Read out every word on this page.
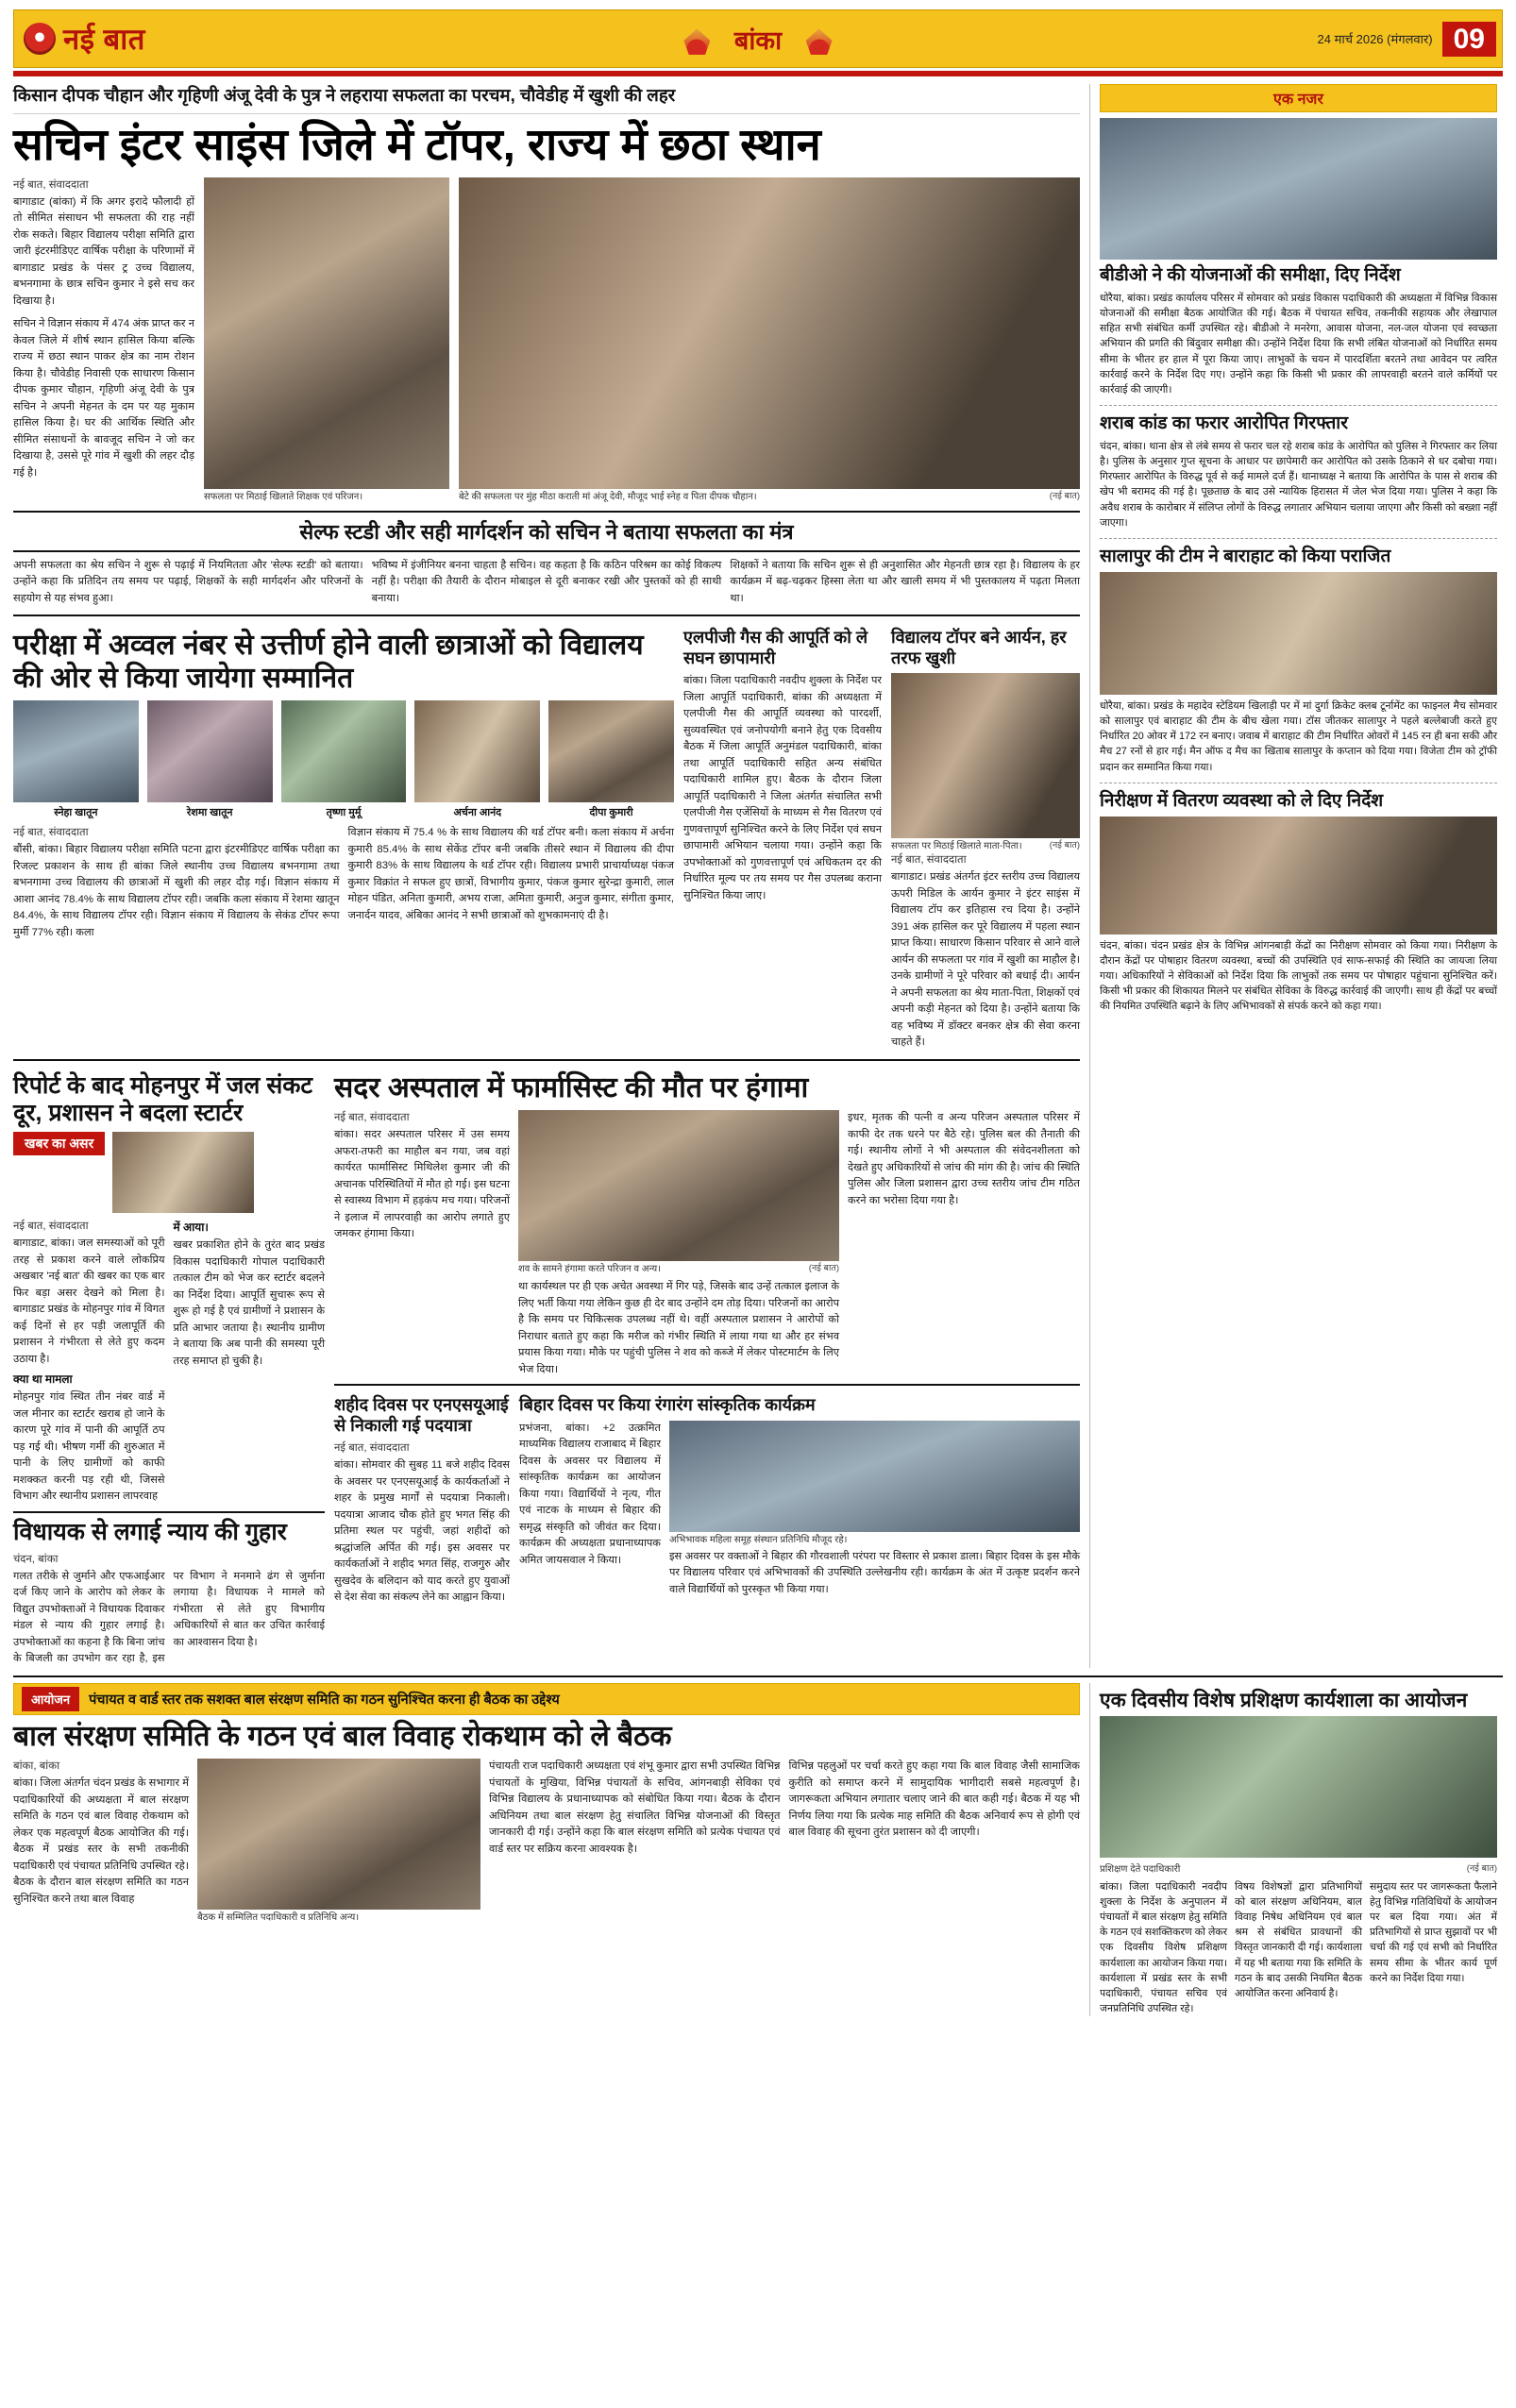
नई बात	बांका	24 मार्च 2026 (मंगलवार) 09
किसान दीपक चौहान और गृहिणी अंजू देवी के पुत्र ने लहराया सफलता का परचम, चौवेडीह में खुशी की लहर
सचिन इंटर साइंस जिले में टॉपर, राज्य में छठा स्थान
नई बात, संवाददाता

बागाडाट (बांका) में कि अगर इरादे फौलादी हों तो सीमित संसाधन भी सफलता की राह नहीं रोक सकते। बिहार विद्यालय परीक्षा समिति द्वारा जारी इंटरमीडिएट वार्षिक परीक्षा के परिणामों में बागाडाट प्रखंड के पंसर ट्र उच्च विद्यालय, बभनगामा के छात्र सचिन कुमार ने इसे सच कर दिखाया है।

सचिन ने विज्ञान संकाय में 474 अंक प्राप्त कर न केवल जिले में शीर्ष स्थान हासिल किया बल्कि राज्य में छठा स्थान पाकर क्षेत्र का नाम रोशन किया है। चौवेडीह निवासी एक साधारण किसान दीपक कुमार चौहान, गृहिणी अंजू देवी के पुत्र सचिन ने अपनी मेहनत के दम पर यह मुकाम हासिल किया है। घर की आर्थिक स्थिति और सीमित संसाधनों के बावजूद सचिन ने जो कर दिखाया है, उससे पूरे गांव में खुशी की लहर दौड़ गई है।

सफलता पर मिठाई खिलाते शिक्षक एवं परिजन।	बेटे की सफलता पर मुंह मीठा कराती मां अंजू देवी, मौजूद भाई स्नेह व पिता दीपक चौहान।	(नई बात)
सेल्फ स्टडी और सही मार्गदर्शन को सचिन ने बताया सफलता का मंत्र
अपनी सफलता का श्रेय सचिन ने शुरू से पढ़ाई में नियमितता और 'सेल्फ स्टडी' को बताया। उन्होंने कहा कि प्रतिदिन तय समय पर पढ़ाई, शिक्षकों के सही मार्गदर्शन और परिजनों के सहयोग से यह संभव हुआ।
भविष्य में इंजीनियर बनना चाहता है सचिन। वह कहता है कि कठिन परिश्रम का कोई विकल्प नहीं है। परीक्षा की तैयारी के दौरान मोबाइल से दूरी बनाकर रखी और पुस्तकों को ही साथी बनाया।
शिक्षकों ने बताया कि सचिन शुरू से ही अनुशासित और मेहनती छात्र रहा है। विद्यालय के हर कार्यक्रम में बढ़-चढ़कर हिस्सा लेता था और खाली समय में भी पुस्तकालय में पढ़ता मिलता था।
परीक्षा में अव्वल नंबर से उत्तीर्ण होने वाली छात्राओं को विद्यालय की ओर से किया जायेगा सम्मानित
स्नेहा खातून	रेशमा खातून	तृष्णा मुर्मू	अर्चना आनंद	दीपा कुमारी
नई बात, संवाददाता
बौंसी, बांका। बिहार विद्यालय परीक्षा समिति पटना द्वारा इंटरमीडिएट वार्षिक परीक्षा का रिजल्ट प्रकाशन के साथ ही बांका जिले स्थानीय उच्च विद्यालय बभनगामा तथा बभनगामा उच्च विद्यालय की छात्राओं में खुशी की लहर दौड़ गई। विज्ञान संकाय में आशा आनंद 78.4% के साथ विद्यालय टॉपर रही। जबकि कला संकाय में रेशमा खातून 84.4%, के साथ विद्यालय टॉपर रही। विज्ञान संकाय में विद्यालय के सेकंड टॉपर रूपा मुर्मी 77% रही। कला
विज्ञान संकाय में 75.4 % के साथ विद्यालय की थर्ड टॉपर बनी। कला संकाय में अर्चना कुमारी 85.4% के साथ सेकेंड टॉपर बनी जबकि तीसरे स्थान में विद्यालय की दीपा कुमारी 83% के साथ विद्यालय के थर्ड टॉपर रही। विद्यालय प्रभारी प्राचार्याध्यक्ष पंकज कुमार विक्रांत ने सफल हुए छात्रों, विभागीय कुमार, पंकज कुमार सुरेन्द्रा कुमारी, लाल मोहन पंडित, अनिता कुमारी, अभय राजा, अमिता कुमारी, अनुज कुमार, संगीता कुमार, जनार्दन यादव, अंबिका आनंद ने सभी छात्राओं को शुभकामनाएं दी है।
एलपीजी गैस की आपूर्ति को ले सघन छापामारी
बांका। जिला पदाधिकारी नवदीप शुक्ला के निर्देश पर जिला आपूर्ति पदाधिकारी, बांका की अध्यक्षता में एलपीजी गैस की आपूर्ति व्यवस्था को पारदर्शी, सुव्यवस्थित एवं जनोपयोगी बनाने हेतु एक दिवसीय बैठक में जिला आपूर्ति अनुमंडल पदाधिकारी, बांका तथा आपूर्ति पदाधिकारी सहित अन्य संबंधित पदाधिकारी शामिल हुए। बैठक के दौरान जिला आपूर्ति पदाधिकारी ने जिला अंतर्गत संचालित सभी एलपीजी गैस एजेंसियों के माध्यम से गैस वितरण एवं गुणवत्तापूर्ण सुनिश्चित करने के लिए निर्देश एवं सघन छापामारी अभियान चलाया गया। उन्होंने कहा कि उपभोक्ताओं को गुणवत्तापूर्ण एवं अधिकतम दर की निर्धारित मूल्य पर तय समय पर गैस उपलब्ध कराना सुनिश्चित किया जाए।
विद्यालय टॉपर बने आर्यन, हर तरफ खुशी
सफलता पर मिठाई खिलाते माता-पिता।	(नई बात)
नई बात, संवाददाता
बागाडाट। प्रखंड अंतर्गत इंटर स्तरीय उच्च विद्यालय ऊपरी मिडिल के आर्यन कुमार ने इंटर साइंस में विद्यालय टॉप कर इतिहास रच दिया है। उन्होंने 391 अंक हासिल कर पूरे विद्यालय में पहला स्थान प्राप्त किया। साधारण किसान परिवार से आने वाले आर्यन की सफलता पर गांव में खुशी का माहौल है। उनके ग्रामीणों ने पूरे परिवार को बधाई दी। आर्यन ने अपनी सफलता का श्रेय माता-पिता, शिक्षकों एवं अपनी कड़ी मेहनत को दिया है। उन्होंने बताया कि वह भविष्य में डॉक्टर बनकर क्षेत्र की सेवा करना चाहते हैं।
रिपोर्ट के बाद मोहनपुर में जल संकट दूर, प्रशासन ने बदला स्टार्टर
खबर का असर
नई बात, संवाददाता
बागाडाट, बांका। जल समस्याओं को पूरी तरह से प्रकाश करने वाले लोकप्रिय अखबार 'नई बात' की खबर का एक बार फिर बड़ा असर देखने को मिला है। बागाडाट प्रखंड के मोहनपुर गांव में विगत कई दिनों से हर पड़ी जलापूर्ति की प्रशासन ने गंभीरता से लेते हुए कदम उठाया है।
क्या था मामला
मोहनपुर गांव स्थित तीन नंबर वार्ड में जल मीनार का स्टार्टर खराब हो जाने के कारण पूरे गांव में पानी की आपूर्ति ठप पड़ गई थी। भीषण गर्मी की शुरुआत में पानी के लिए ग्रामीणों को काफी मशक्कत करनी पड़ रही थी, जिससे विभाग और स्थानीय प्रशासन लापरवाह
में आया।
खबर प्रकाशित होने के तुरंत बाद प्रखंड विकास पदाधिकारी गोपाल पदाधिकारी तत्काल टीम को भेज कर स्टार्टर बदलने का निर्देश दिया। आपूर्ति सुचारू रूप से शुरू हो गई है एवं ग्रामीणों ने प्रशासन के प्रति आभार जताया है। स्थानीय ग्रामीण ने बताया कि अब पानी की समस्या पूरी तरह समाप्त हो चुकी है।
विधायक से लगाई न्याय की गुहार
चंदन, बांका
गलत तरीके से जुर्माने और एफआईआर दर्ज किए जाने के आरोप को लेकर के विद्युत उपभोक्ताओं ने विधायक दिवाकर मंडल से न्याय की गुहार लगाई है। उपभोक्ताओं का कहना है कि बिना जांच के बिजली का उपभोग कर रहा है, इस पर विभाग ने मनमाने ढंग से जुर्माना लगाया है। विधायक ने मामले को गंभीरता से लेते हुए विभागीय अधिकारियों से बात कर उचित कार्रवाई का आश्वासन दिया है।
सदर अस्पताल में फार्मासिस्ट की मौत पर हंगामा
नई बात, संवाददाता
बांका। सदर अस्पताल परिसर में उस समय अफरा-तफरी का माहौल बन गया, जब वहां कार्यरत फार्मासिस्ट मिथिलेश कुमार जी की अचानक परिस्थितियों में मौत हो गई। इस घटना से स्वास्थ्य विभाग में हड़कंप मच गया। परिजनों ने इलाज में लापरवाही का आरोप लगाते हुए जमकर हंगामा किया।
शव के सामने हंगामा करते परिजन व अन्य।	(नई बात)
था कार्यस्थल पर ही एक अचेत अवस्था में गिर पड़े, जिसके बाद उन्हें तत्काल इलाज के लिए भर्ती किया गया लेकिन कुछ ही देर बाद उन्होंने दम तोड़ दिया। परिजनों का आरोप है कि समय पर चिकित्सक उपलब्ध नहीं थे। वहीं अस्पताल प्रशासन ने आरोपों को निराधार बताते हुए कहा कि मरीज को गंभीर स्थिति में लाया गया था और हर संभव प्रयास किया गया। मौके पर पहुंची पुलिस ने शव को कब्जे में लेकर पोस्टमार्टम के लिए भेज दिया।
इधर, मृतक की पत्नी व अन्य परिजन अस्पताल परिसर में काफी देर तक धरने पर बैठे रहे। पुलिस बल की तैनाती की गई। स्थानीय लोगों ने भी अस्पताल की संवेदनशीलता को देखते हुए अधिकारियों से जांच की मांग की है। जांच की स्थिति पुलिस और जिला प्रशासन द्वारा उच्च स्तरीय जांच टीम गठित करने का भरोसा दिया गया है।
शहीद दिवस पर एनएसयूआई से निकाली गई पदयात्रा
नई बात, संवाददाता
बांका। सोमवार की सुबह 11 बजे शहीद दिवस के अवसर पर एनएसयूआई के कार्यकर्ताओं ने शहर के प्रमुख मार्गों से पदयात्रा निकाली। पदयात्रा आजाद चौक होते हुए भगत सिंह की प्रतिमा स्थल पर पहुंची, जहां शहीदों को श्रद्धांजलि अर्पित की गई। इस अवसर पर कार्यकर्ताओं ने शहीद भगत सिंह, राजगुरु और सुखदेव के बलिदान को याद करते हुए युवाओं से देश सेवा का संकल्प लेने का आह्वान किया।
बिहार दिवस पर किया रंगारंग सांस्कृतिक कार्यक्रम
प्रभंजना, बांका। +2 उत्क्रमित माध्यमिक विद्यालय राजाबाद में बिहार दिवस के अवसर पर विद्यालय में सांस्कृतिक कार्यक्रम का आयोजन किया गया। विद्यार्थियों ने नृत्य, गीत एवं नाटक के माध्यम से बिहार की समृद्ध संस्कृति को जीवंत कर दिया। कार्यक्रम की अध्यक्षता प्रधानाध्यापक अमित जायसवाल ने किया।
अभिभावक महिला समूह संस्थान प्रतिनिधि मौजूद रहे।
इस अवसर पर वक्ताओं ने बिहार की गौरवशाली परंपरा पर विस्तार से प्रकाश डाला। बिहार दिवस के इस मौके पर विद्यालय परिवार एवं अभिभावकों की उपस्थिति उल्लेखनीय रही। कार्यक्रम के अंत में उत्कृष्ट प्रदर्शन करने वाले विद्यार्थियों को पुरस्कृत भी किया गया।
एक नजर
बीडीओ ने की योजनाओं की समीक्षा, दिए निर्देश
धोरैया, बांका। प्रखंड कार्यालय परिसर में सोमवार को प्रखंड विकास पदाधिकारी की अध्यक्षता में विभिन्न विकास योजनाओं की समीक्षा बैठक आयोजित की गई। बैठक में पंचायत सचिव, तकनीकी सहायक और लेखापाल सहित सभी संबंधित कर्मी उपस्थित रहे। बीडीओ ने मनरेगा, आवास योजना, नल-जल योजना एवं स्वच्छता अभियान की प्रगति की बिंदुवार समीक्षा की। उन्होंने निर्देश दिया कि सभी लंबित योजनाओं को निर्धारित समय सीमा के भीतर हर हाल में पूरा किया जाए। लाभुकों के चयन में पारदर्शिता बरतने तथा आवेदन पर त्वरित कार्रवाई करने के निर्देश दिए गए। उन्होंने कहा कि किसी भी प्रकार की लापरवाही बरतने वाले कर्मियों पर कार्रवाई की जाएगी।
शराब कांड का फरार आरोपित गिरफ्तार
चंदन, बांका। थाना क्षेत्र से लंबे समय से फरार चल रहे शराब कांड के आरोपित को पुलिस ने गिरफ्तार कर लिया है। पुलिस के अनुसार गुप्त सूचना के आधार पर छापेमारी कर आरोपित को उसके ठिकाने से धर दबोचा गया। गिरफ्तार आरोपित के विरुद्ध पूर्व से कई मामले दर्ज हैं। थानाध्यक्ष ने बताया कि आरोपित के पास से शराब की खेप भी बरामद की गई है। पूछताछ के बाद उसे न्यायिक हिरासत में जेल भेज दिया गया। पुलिस ने कहा कि अवैध शराब के कारोबार में संलिप्त लोगों के विरुद्ध लगातार अभियान चलाया जाएगा और किसी को बख्शा नहीं जाएगा।
सालापुर की टीम ने बाराहाट को किया पराजित
धोरैया, बांका। प्रखंड के महादेव स्टेडियम खिलाड़ी पर में मां दुर्गा क्रिकेट क्लब टूर्नामेंट का फाइनल मैच सोमवार को सालापुर एवं बाराहाट की टीम के बीच खेला गया। टॉस जीतकर सालापुर ने पहले बल्लेबाजी करते हुए निर्धारित 20 ओवर में 172 रन बनाए। जवाब में बाराहाट की टीम निर्धारित ओवरों में 145 रन ही बना सकी और मैच 27 रनों से हार गई। मैन ऑफ द मैच का खिताब सालापुर के कप्तान को दिया गया। विजेता टीम को ट्रॉफी प्रदान कर सम्मानित किया गया।
निरीक्षण में वितरण व्यवस्था को ले दिए निर्देश
चंदन, बांका। चंदन प्रखंड क्षेत्र के विभिन्न आंगनबाड़ी केंद्रों का निरीक्षण सोमवार को किया गया। निरीक्षण के दौरान केंद्रों पर पोषाहार वितरण व्यवस्था, बच्चों की उपस्थिति एवं साफ-सफाई की स्थिति का जायजा लिया गया। अधिकारियों ने सेविकाओं को निर्देश दिया कि लाभुकों तक समय पर पोषाहार पहुंचाना सुनिश्चित करें। किसी भी प्रकार की शिकायत मिलने पर संबंधित सेविका के विरुद्ध कार्रवाई की जाएगी। साथ ही केंद्रों पर बच्चों की नियमित उपस्थिति बढ़ाने के लिए अभिभावकों से संपर्क करने को कहा गया।
आयोजन	पंचायत व वार्ड स्तर तक सशक्त बाल संरक्षण समिति का गठन सुनिश्चित करना ही बैठक का उद्देश्य
बाल संरक्षण समिति के गठन एवं बाल विवाह रोकथाम को ले बैठक
बांका, बांका
बांका। जिला अंतर्गत चंदन प्रखंड के सभागार में पदाधिकारियों की अध्यक्षता में बाल संरक्षण समिति के गठन एवं बाल विवाह रोकथाम को लेकर एक महत्वपूर्ण बैठक आयोजित की गई। बैठक में प्रखंड स्तर के सभी तकनीकी पदाधिकारी एवं पंचायत प्रतिनिधि उपस्थित रहे। बैठक के दौरान बाल संरक्षण समिति का गठन सुनिश्चित करने तथा बाल विवाह
बैठक में सम्मिलित पदाधिकारी व प्रतिनिधि अन्य।
पंचायती राज पदाधिकारी अध्यक्षता एवं शंभू कुमार द्वारा सभी उपस्थित विभिन्न पंचायतों के मुखिया, विभिन्न पंचायतों के सचिव, आंगनबाड़ी सेविका एवं विभिन्न विद्यालय के प्रधानाध्यापक को संबोधित किया गया। बैठक के दौरान अधिनियम तथा बाल संरक्षण हेतु संचालित विभिन्न योजनाओं की विस्तृत जानकारी दी गई। उन्होंने कहा कि बाल संरक्षण समिति को प्रत्येक पंचायत एवं वार्ड स्तर पर सक्रिय करना आवश्यक है।
विभिन्न पहलुओं पर चर्चा करते हुए कहा गया कि बाल विवाह जैसी सामाजिक कुरीति को समाप्त करने में सामुदायिक भागीदारी सबसे महत्वपूर्ण है। जागरूकता अभियान लगातार चलाए जाने की बात कही गई। बैठक में यह भी निर्णय लिया गया कि प्रत्येक माह समिति की बैठक अनिवार्य रूप से होगी एवं बाल विवाह की सूचना तुरंत प्रशासन को दी जाएगी।
एक दिवसीय विशेष प्रशिक्षण कार्यशाला का आयोजन
प्रशिक्षण देते पदाधिकारी	(नई बात)
बांका। जिला पदाधिकारी नवदीप शुक्ला के निर्देश के अनुपालन में पंचायतों में बाल संरक्षण हेतु समिति के गठन एवं सशक्तिकरण को लेकर एक दिवसीय विशेष प्रशिक्षण कार्यशाला का आयोजन किया गया। कार्यशाला में प्रखंड स्तर के सभी पदाधिकारी, पंचायत सचिव एवं जनप्रतिनिधि उपस्थित रहे।
विषय विशेषज्ञों द्वारा प्रतिभागियों को बाल संरक्षण अधिनियम, बाल विवाह निषेध अधिनियम एवं बाल श्रम से संबंधित प्रावधानों की विस्तृत जानकारी दी गई। कार्यशाला में यह भी बताया गया कि समिति के गठन के बाद उसकी नियमित बैठक आयोजित करना अनिवार्य है।
समुदाय स्तर पर जागरूकता फैलाने हेतु विभिन्न गतिविधियों के आयोजन पर बल दिया गया। अंत में प्रतिभागियों से प्राप्त सुझावों पर भी चर्चा की गई एवं सभी को निर्धारित समय सीमा के भीतर कार्य पूर्ण करने का निर्देश दिया गया।
